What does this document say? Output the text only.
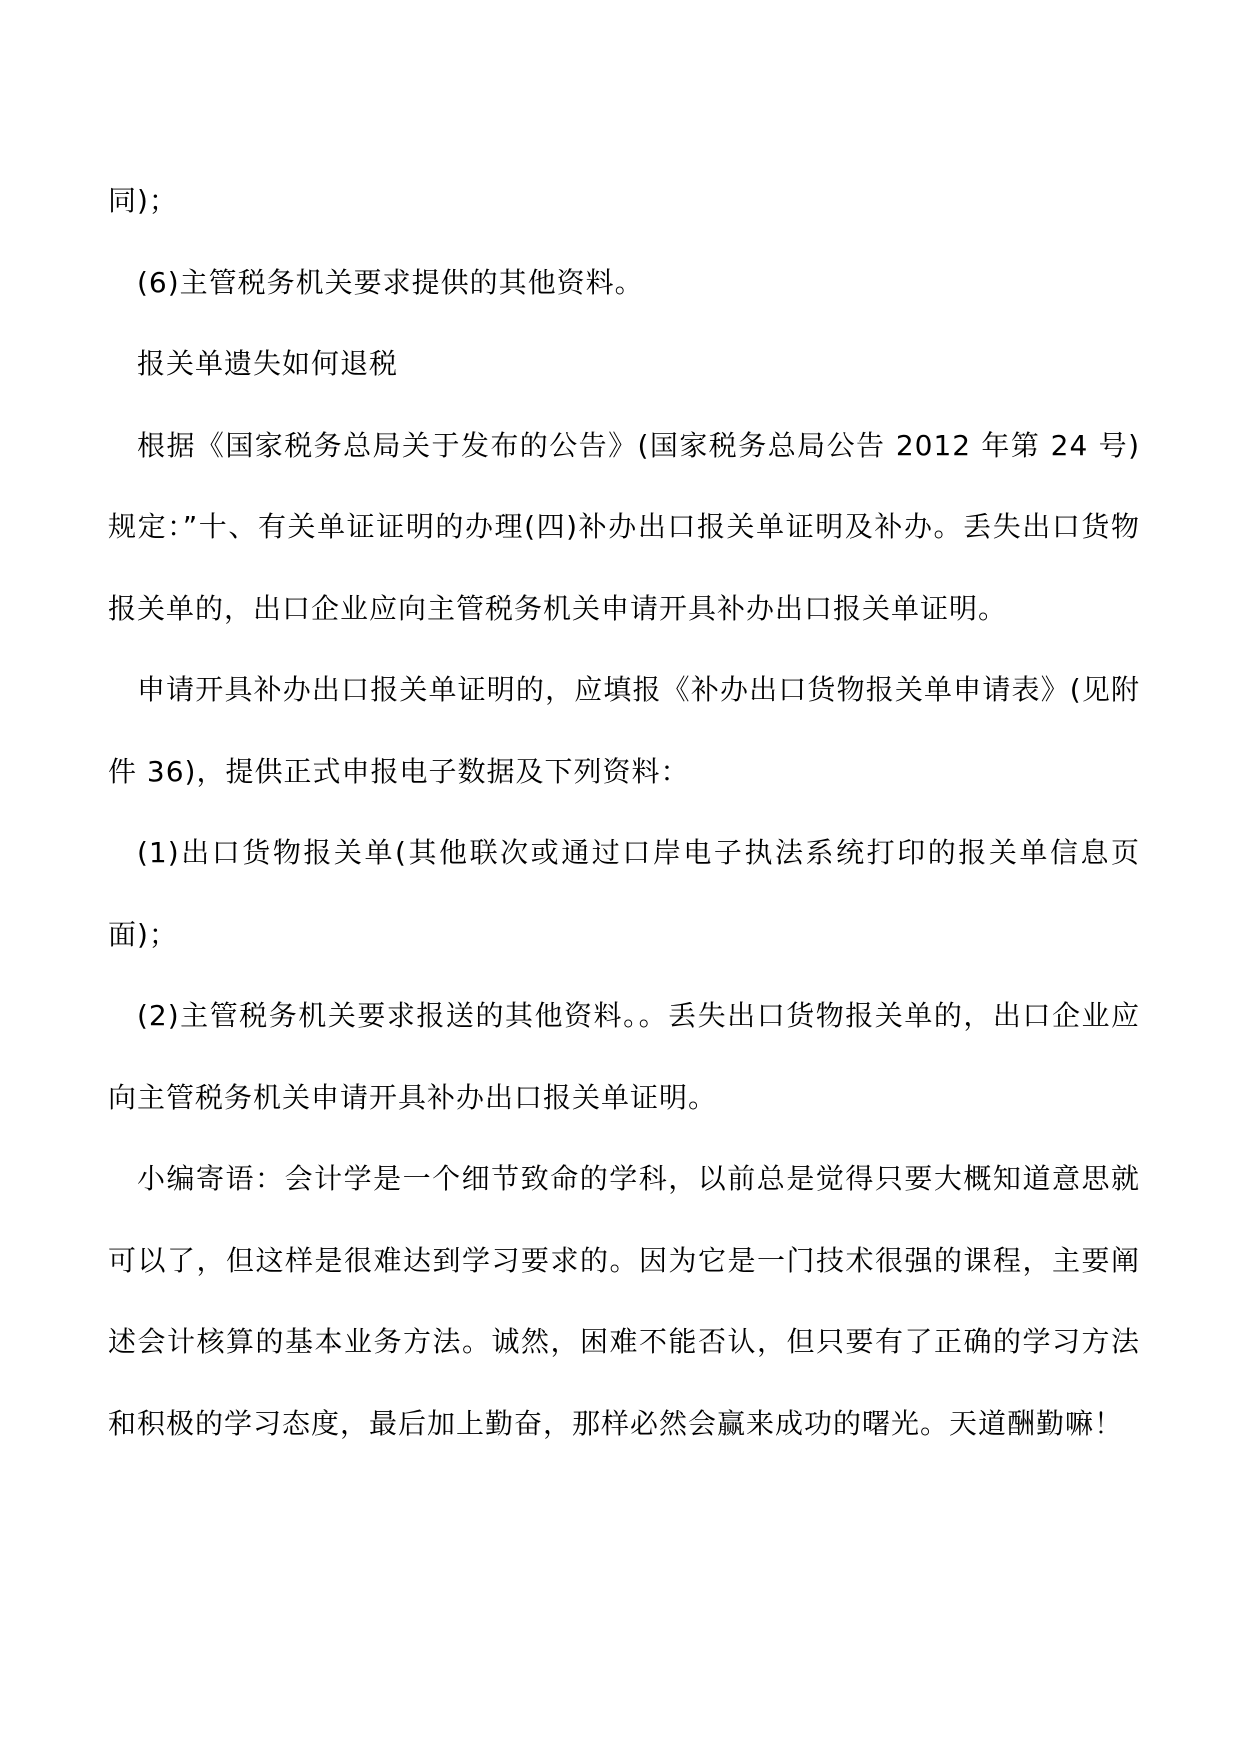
同)；

(6)主管税务机关要求提供的其他资料。

报关单遗失如何退税

根据《国家税务总局关于发布的公告》(国家税务总局公告 2012 年第 24 号)规定：”十、有关单证证明的办理(四)补办出口报关单证明及补办。丢失出口货物报关单的，出口企业应向主管税务机关申请开具补办出口报关单证明。

申请开具补办出口报关单证明的，应填报《补办出口货物报关单申请表》(见附件 36)，提供正式申报电子数据及下列资料：

(1)出口货物报关单(其他联次或通过口岸电子执法系统打印的报关单信息页面)；

(2)主管税务机关要求报送的其他资料。。丢失出口货物报关单的，出口企业应向主管税务机关申请开具补办出口报关单证明。

小编寄语：会计学是一个细节致命的学科，以前总是觉得只要大概知道意思就可以了，但这样是很难达到学习要求的。因为它是一门技术很强的课程，主要阐述会计核算的基本业务方法。诚然，困难不能否认，但只要有了正确的学习方法和积极的学习态度，最后加上勤奋，那样必然会赢来成功的曙光。天道酬勤嘛！
